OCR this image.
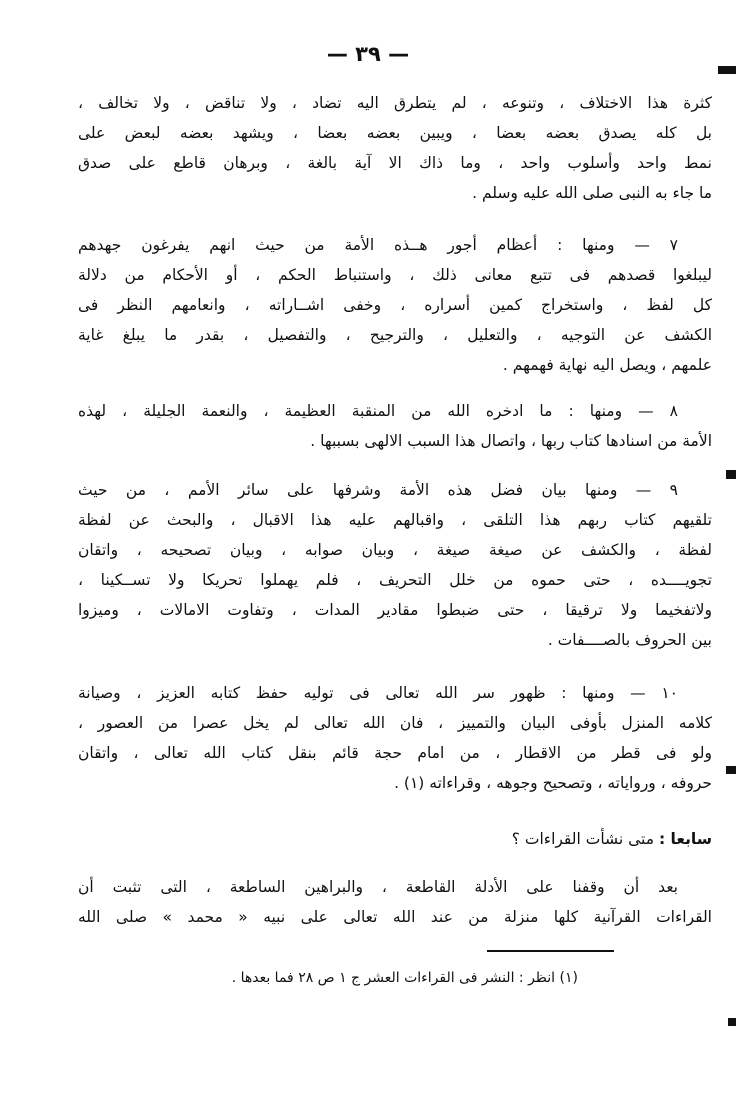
— ٣٩ —
كثرة هذا الاختلاف ، وتنوعه ، لم يتطرق اليه تضاد ، ولا تناقض ، ولا تخالف ،
بل كله يصدق بعضه بعضا ، ويبين بعضه بعضا ، ويشهد بعضه لبعض على
نمط واحد وأسلوب واحد ، وما ذاك الا آية بالغة ، وبرهان قاطع على صدق
ما جاء به النبى صلى الله عليه وسلم .
٧ — ومنها : أعظام أجور هــذه الأمة من حيث انهم يفرغون جهدهم
ليبلغوا قصدهم فى تتبع معانى ذلك ، واستنباط الحكم ، أو الأحكام من دلالة
كل لفظ ، واستخراج كمين أسراره ، وخفى اشــاراته ، وانعامهم النظر فى
الكشف عن التوجيه ، والتعليل ، والترجيح ، والتفصيل ، بقدر ما يبلغ غاية
علمهم ، ويصل اليه نهاية فهمهم .
٨ — ومنها : ما ادخره الله من المنقبة العظيمة ، والنعمة الجليلة ، لهذه
الأمة من اسنادها كتاب ربها ، واتصال هذا السبب الالهى بسببها .
٩ — ومنها بيان فضل هذه الأمة وشرفها على سائر الأمم ، من حيث
تلقيهم كتاب ربهم هذا التلقى ، واقبالهم عليه هذا الاقبال ، والبحث عن لفظة
لفظة ، والكشف عن صيغة صيغة ، وبيان صوابه ، وبيان تصحيحه ، واتقان
تجويــــده ، حتى حموه من خلل التحريف ، فلم يهملوا تحريكا ولا تســكينا ،
ولاتفخيما ولا ترقيقا ، حتى ضبطوا مقادير المدات ، وتفاوت الامالات ، وميزوا
بين الحروف بالصــــفات .
١٠ — ومنها : ظهور سر الله تعالى فى توليه حفظ كتابه العزيز ، وصيانة
كلامه المنزل بأوفى البيان والتمييز ، فان الله تعالى لم يخل عصرا من العصور ،
ولو فى قطر من الاقطار ، من امام حجة قائم بنقل كتاب الله تعالى ، واتقان
حروفه ، ورواياته ، وتصحيح وجوهه ، وقراءاته (١) .
سابعا : متى نشأت القراءات ؟
بعد أن وقفنا على الأدلة القاطعة ، والبراهين الساطعة ، التى تثبت أن
القراءات القرآنية كلها منزلة من عند الله تعالى على نبيه « محمد » صلى الله
(١) انظر : النشر فى القراءات العشر ج ١ ص ٢٨ فما بعدها .
